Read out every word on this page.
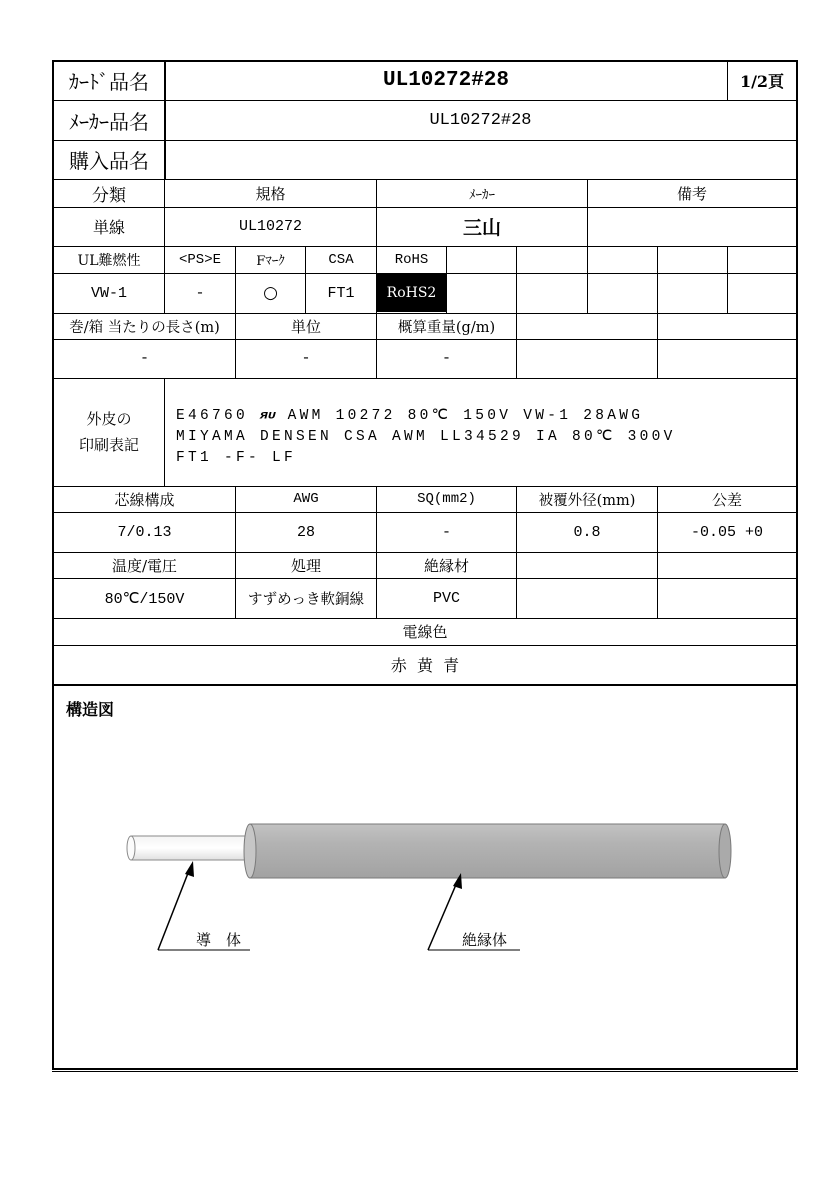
ｶｰﾄﾞ品名	UL10272#28	1/2頁
ﾒｰｶｰ品名	UL10272#28
購入品名
分類	規格	ﾒｰｶｰ	備考
単線	UL10272	三山
UL難燃性	<PS>E	Fﾏｰｸ	CSA	RoHS
VW-1	-	○	FT1	RoHS2
巻/箱 当たりの長さ(m)	単位	概算重量(g/m)
-	-	-
外皮の
印刷表記
E46760 ЯU AWM 10272 80℃ 150V VW-1 28AWG
MIYAMA DENSEN CSA AWM LL34529 IA 80℃ 300V
FT1 -F- LF
芯線構成	AWG	SQ(mm2)	被覆外径(mm)	公差
7/0.13	28	-	0.8	-0.05 +0
温度/電圧	処理	絶縁材
80℃/150V	すずめっき軟銅線	PVC
電線色
赤  黄  青
構造図
導　体	絶縁体
